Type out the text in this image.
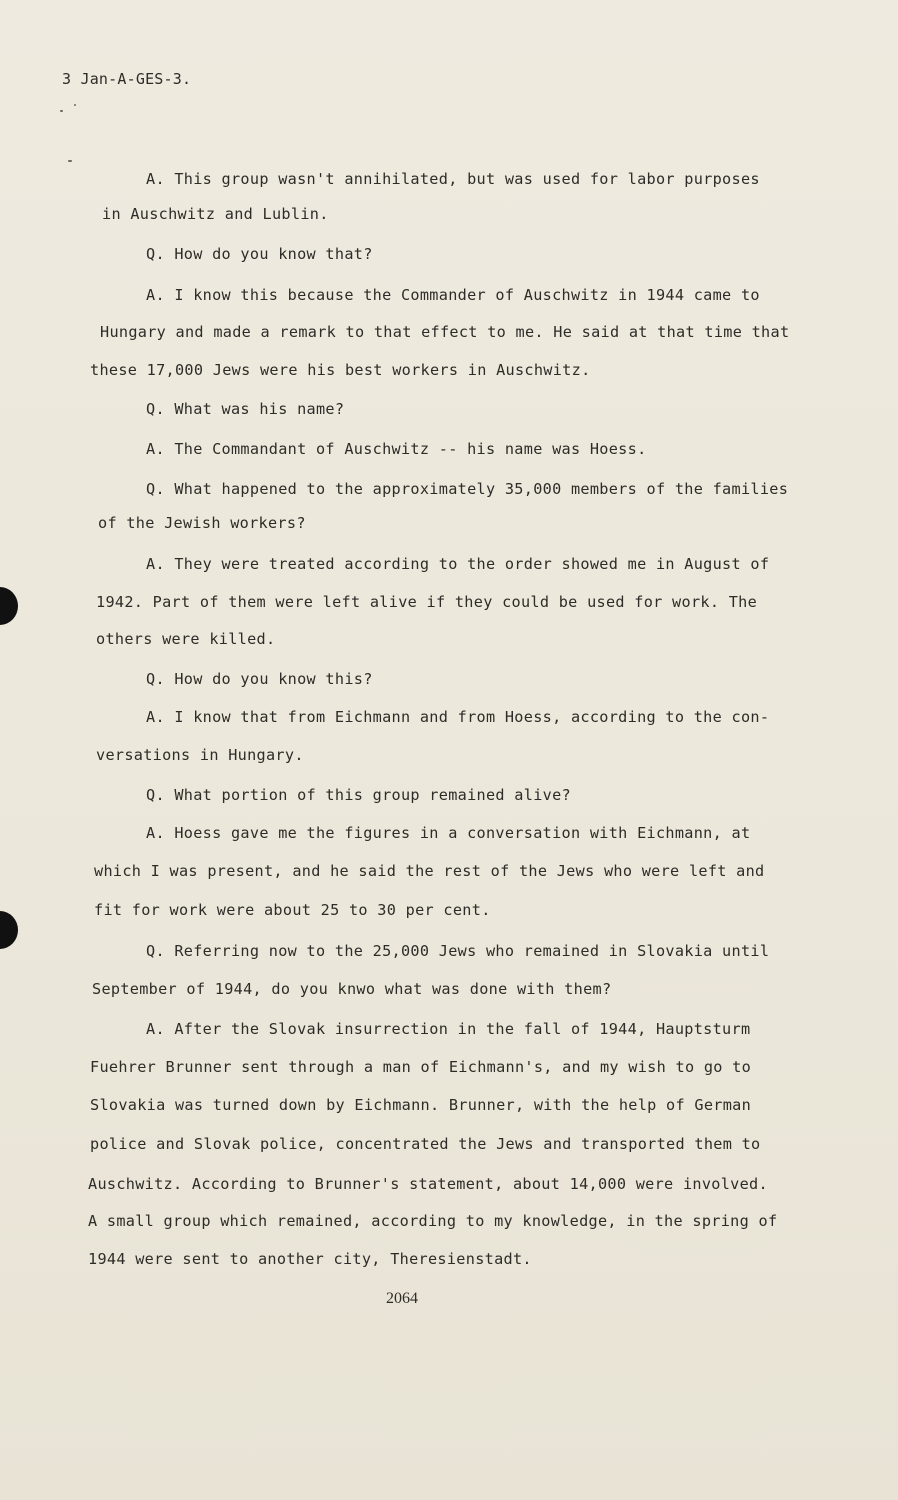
3 Jan-A-GES-3.
A. This group wasn't annihilated, but was used for labor purposes
in Auschwitz and Lublin.
Q. How do you know that?
A. I know this because the Commander of Auschwitz in 1944 came to
Hungary and made a remark to that effect to me. He said at that time that
these 17,000 Jews were his best workers in Auschwitz.
Q. What was his name?
A. The Commandant of Auschwitz -- his name was Hoess.
Q. What happened to the approximately 35,000 members of the families
of the Jewish workers?
A. They were treated according to the order showed me in August of
1942. Part of them were left alive if they could be used for work. The
others were killed.
Q. How do you know this?
A. I know that from Eichmann and from Hoess, according to the con-
versations in Hungary.
Q. What portion of this group remained alive?
A. Hoess gave me the figures in a conversation with Eichmann, at
which I was present, and he said the rest of the Jews who were left and
fit for work were about 25 to 30 per cent.
Q. Referring now to the 25,000 Jews who remained in Slovakia until
September of 1944, do you knwo what was done with them?
A. After the Slovak insurrection in the fall of 1944, Hauptsturm
Fuehrer Brunner sent through a man of Eichmann's, and my wish to go to
Slovakia was turned down by Eichmann. Brunner, with the help of German
police and Slovak police, concentrated the Jews and transported them to
Auschwitz. According to Brunner's statement, about 14,000 were involved.
A small group which remained, according to my knowledge, in the spring of
1944 were sent to another city, Theresienstadt.
2064
